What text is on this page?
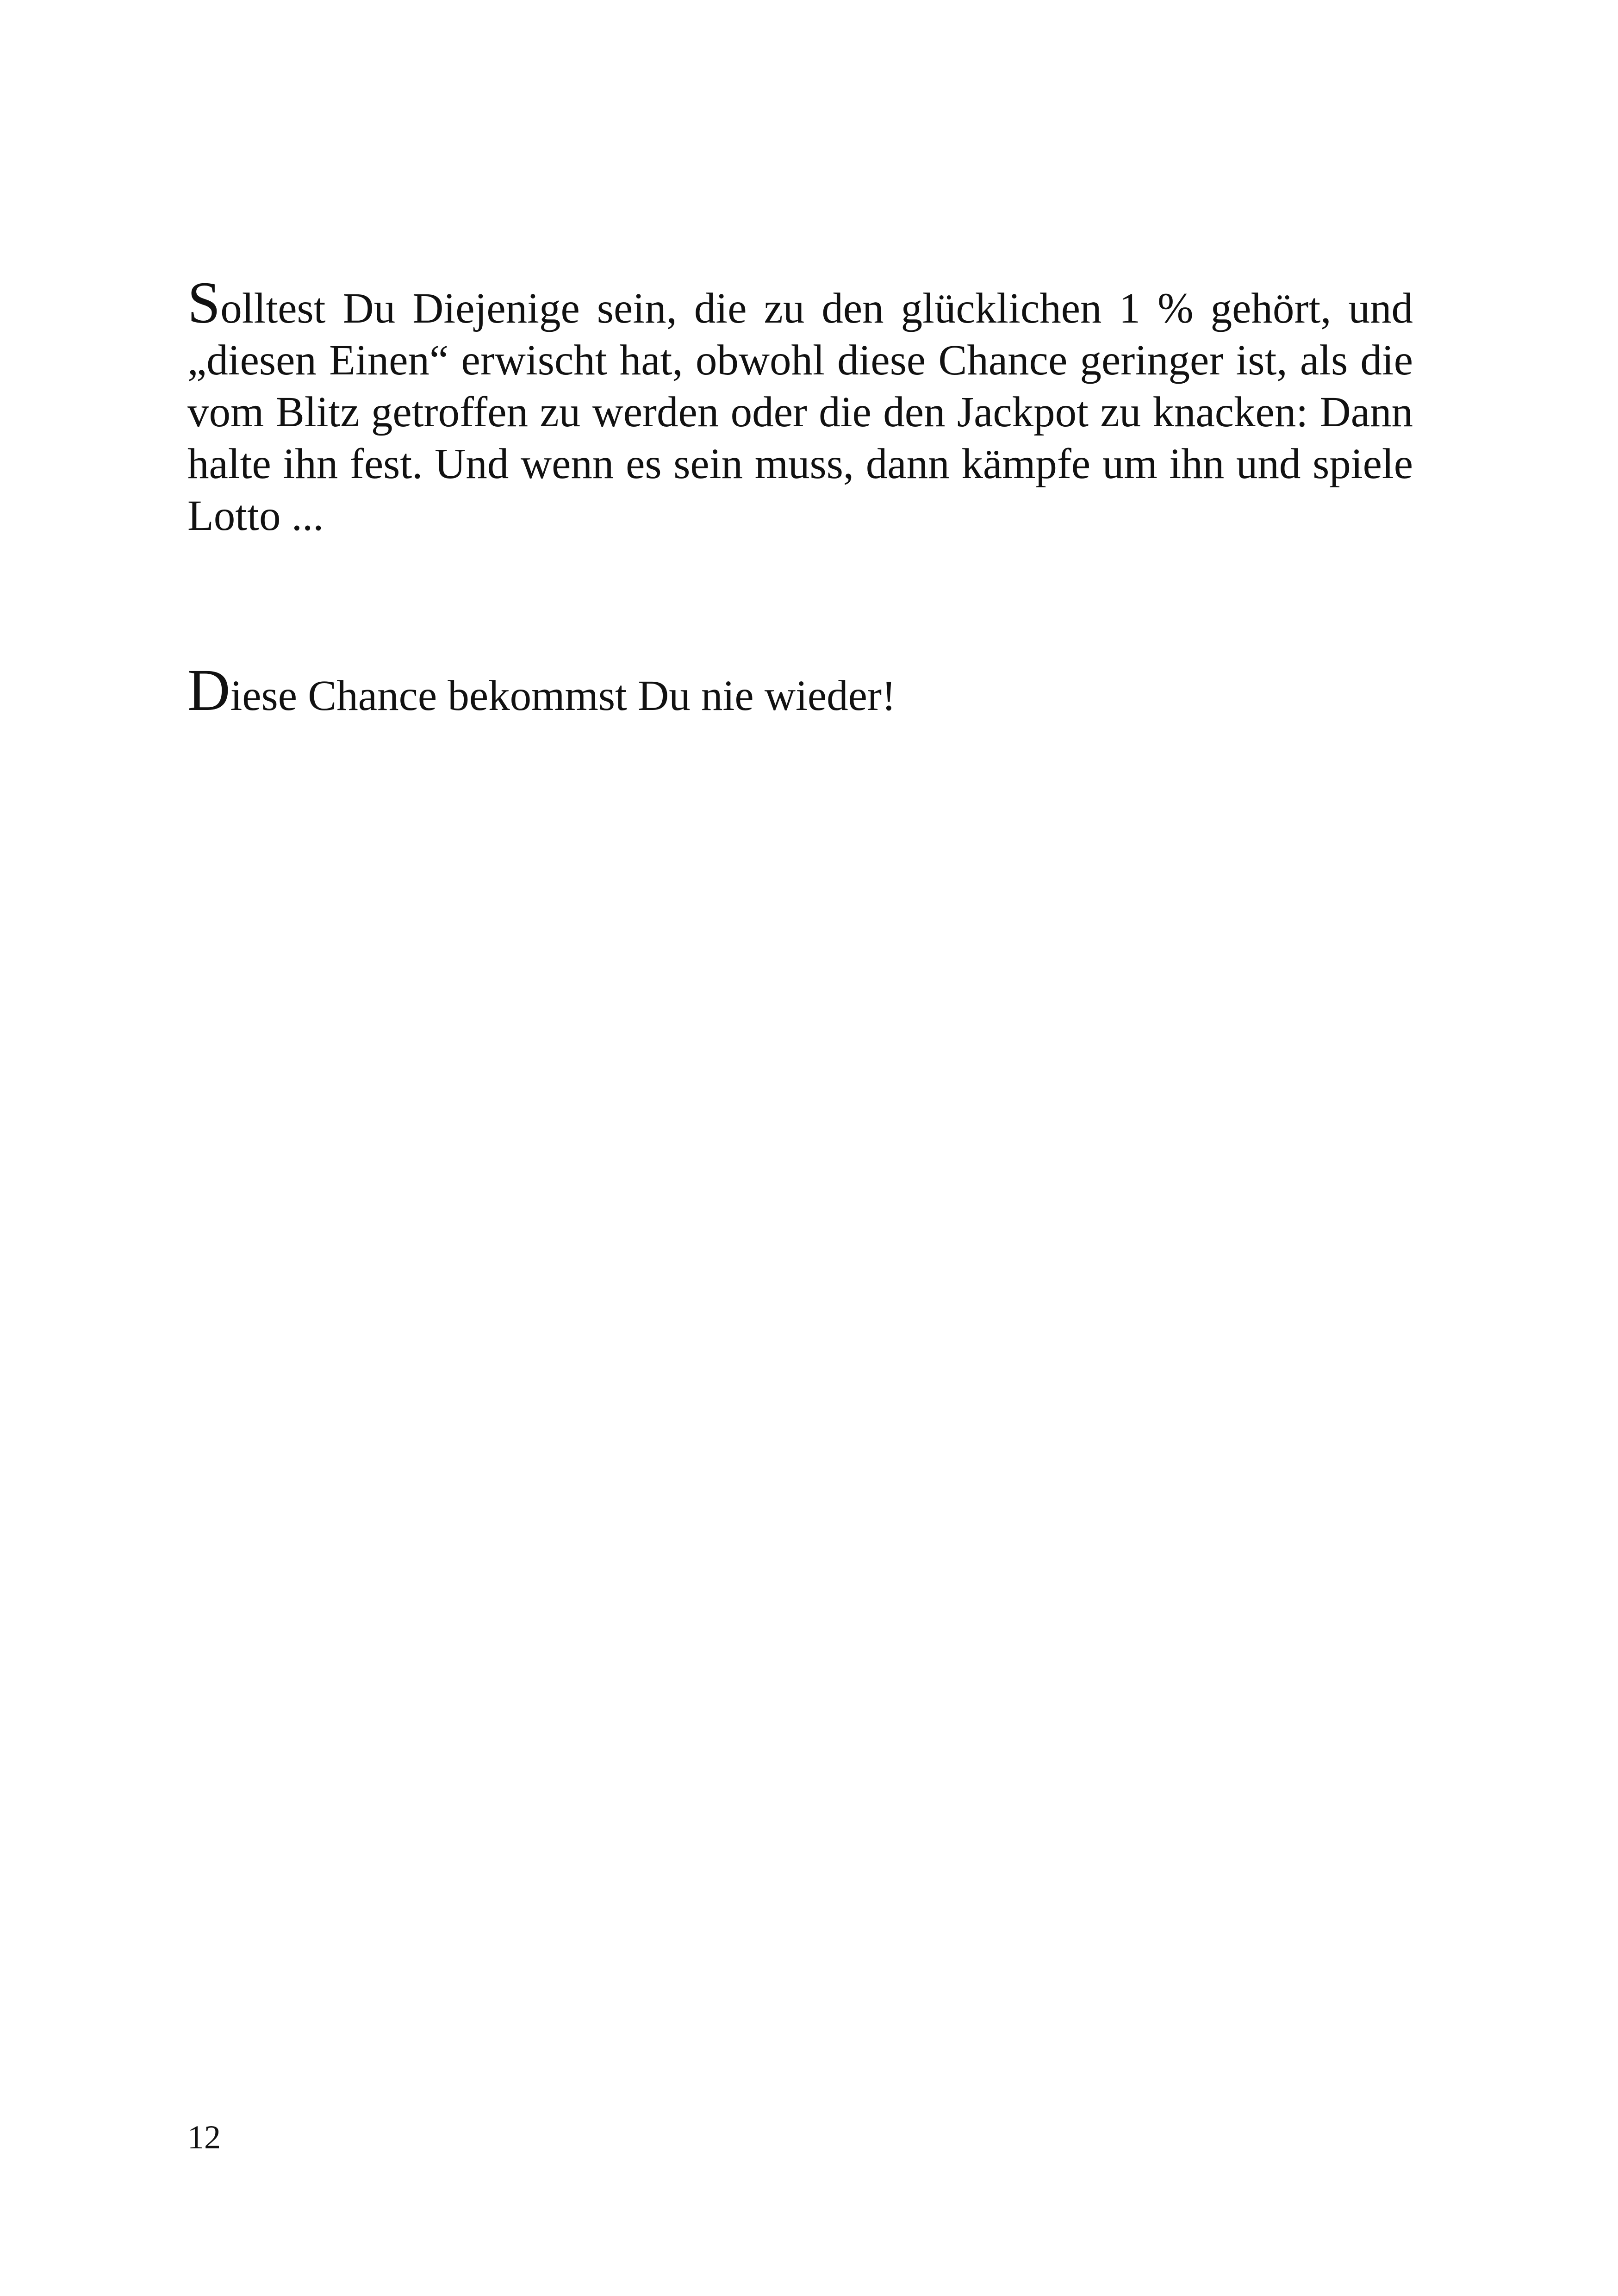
Solltest Du Diejenige sein, die zu den glücklichen 1 % gehört, und „diesen Einen“ erwischt hat, obwohl diese Chance geringer ist, als die vom Blitz getroffen zu werden oder die den Jackpot zu knacken: Dann halte ihn fest. Und wenn es sein muss, dann kämpfe um ihn und spiele Lotto ...

Diese Chance bekommst Du nie wieder!

12
